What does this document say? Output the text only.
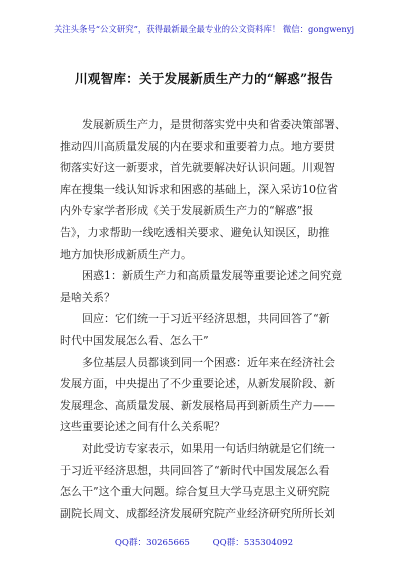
关注头条号“公文研究”，获得最新最全最专业的公文资料库！ 微信：gongwenyj
川观智库：关于发展新质生产力的“解惑”报告
发展新质生产力，是贯彻落实党中央和省委决策部署、
推动四川高质量发展的内在要求和重要着力点。地方要贯
彻落实好这一新要求，首先就要解决好认识问题。川观智
库在搜集一线认知诉求和困惑的基础上，深入采访10位省
内外专家学者形成《关于发展新质生产力的“解惑”报
告》，力求帮助一线吃透相关要求、避免认知误区，助推
地方加快形成新质生产力。
困惑1：新质生产力和高质量发展等重要论述之间究竟
是啥关系？
回应：它们统一于习近平经济思想，共同回答了“新
时代中国发展怎么看、怎么干”
多位基层人员都谈到同一个困惑：近年来在经济社会
发展方面，中央提出了不少重要论述，从新发展阶段、新
发展理念、高质量发展、新发展格局再到新质生产力——
这些重要论述之间有什么关系呢？
对此受访专家表示，如果用一句话归纳就是它们统一
于习近平经济思想，共同回答了“新时代中国发展怎么看
怎么干”这个重大问题。综合复旦大学马克思主义研究院
副院长周文、成都经济发展研究院产业经济研究所所长刘
QQ群：30265665	QQ群：535304092
